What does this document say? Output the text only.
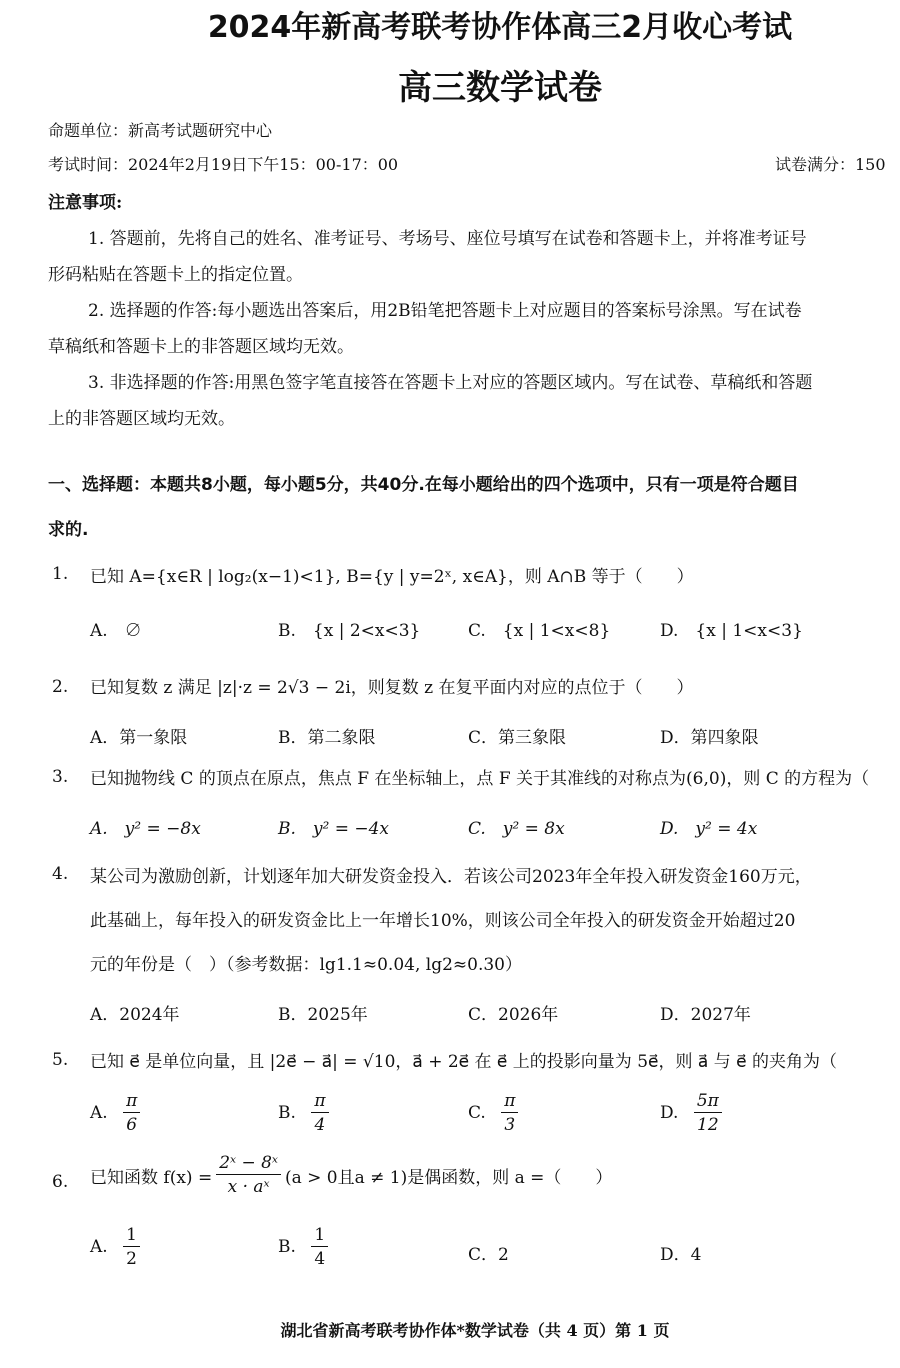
2024年新高考联考协作体高三2月收心考试
高三数学试卷
命题单位：新高考试题研究中心
考试时间：2024年2月19日下午15：00-17：00	试卷满分：150
注意事项:
1. 答题前，先将自己的姓名、准考证号、考场号、座位号填写在试卷和答题卡上，并将准考证号
形码粘贴在答题卡上的指定位置。
2. 选择题的作答:每小题选出答案后，用2B铅笔把答题卡上对应题目的答案标号涂黑。写在试卷
草稿纸和答题卡上的非答题区域均无效。
3. 非选择题的作答:用黑色签字笔直接答在答题卡上对应的答题区域内。写在试卷、草稿纸和答题
上的非答题区域均无效。
一、选择题：本题共8小题，每小题5分，共40分.在每小题给出的四个选项中，只有一项是符合题目
求的.
1. 已知 A={x∈R | log₂(x−1)<1}, B={y | y=2ˣ, x∈A}，则 A∩B 等于（　　）
A.　∅	B.　{x | 2<x<3}	C.　{x | 1<x<8}	D.　{x | 1<x<3}
2. 已知复数 z 满足 |z|·z = 2√3 − 2i，则复数 z 在复平面内对应的点位于（　　）
A．第一象限	B．第二象限	C．第三象限	D．第四象限
3. 已知抛物线 C 的顶点在原点，焦点 F 在坐标轴上，点 F 关于其准线的对称点为(6,0)，则 C 的方程为（
A.　y² = −8x	B.　y² = −4x	C.　y² = 8x	D.　y² = 4x
4. 某公司为激励创新，计划逐年加大研发资金投入．若该公司2023年全年投入研发资金160万元，
此基础上，每年投入的研发资金比上一年增长10%，则该公司全年投入的研发资金开始超过20
元的年份是（　）（参考数据：lg1.1≈0.04, lg2≈0.30）
A．2024年	B．2025年	C．2026年	D．2027年
5. 已知 e⃗ 是单位向量，且 |2e⃗ − a⃗| = √10，a⃗ + 2e⃗ 在 e⃗ 上的投影向量为 5e⃗，则 a⃗ 与 e⃗ 的夹角为（
A. $\frac{\pi}{6}$	B. $\frac{\pi}{4}$	C. $\frac{\pi}{3}$	D. $\frac{5\pi}{12}$
6. 已知函数 $f(x) = \frac{\text{2ˣ − 8ˣ}}{\text{x · aˣ}} (a > 0$且a ≠ 1)是偶函数，则 a =（　　）
A. $\frac{1}{2}$	B. $\frac{1}{4}$	C．2	D．4
湖北省新高考联考协作体*数学试卷（共 4 页）第 1 页
